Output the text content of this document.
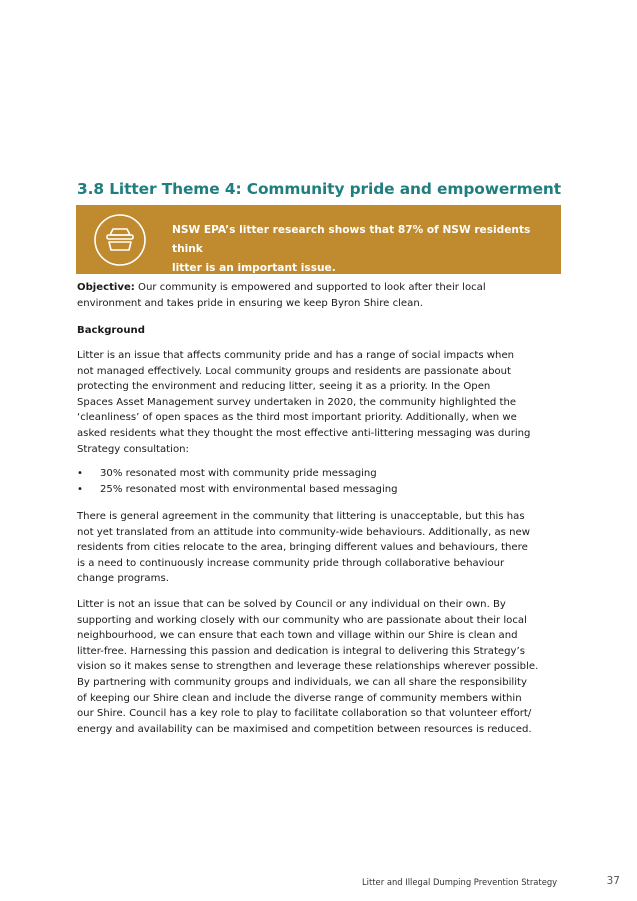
3.8 Litter Theme 4: Community pride and empowerment
NSW EPA’s litter research shows that 87% of NSW residents think
litter is an important issue.
Objective: Our community is empowered and supported to look after their local
environment and takes pride in ensuring we keep Byron Shire clean.
Background
Litter is an issue that affects community pride and has a range of social impacts when
not managed effectively. Local community groups and residents are passionate about
protecting the environment and reducing litter, seeing it as a priority. In the Open
Spaces Asset Management survey undertaken in 2020, the community highlighted the
‘cleanliness’ of open spaces as the third most important priority. Additionally, when we
asked residents what they thought the most effective anti-littering messaging was during
Strategy consultation:
• 30% resonated most with community pride messaging
• 25% resonated most with environmental based messaging
There is general agreement in the community that littering is unacceptable, but this has
not yet translated from an attitude into community-wide behaviours. Additionally, as new
residents from cities relocate to the area, bringing different values and behaviours, there
is a need to continuously increase community pride through collaborative behaviour
change programs.
Litter is not an issue that can be solved by Council or any individual on their own. By
supporting and working closely with our community who are passionate about their local
neighbourhood, we can ensure that each town and village within our Shire is clean and
litter-free. Harnessing this passion and dedication is integral to delivering this Strategy’s
vision so it makes sense to strengthen and leverage these relationships wherever possible.
By partnering with community groups and individuals, we can all share the responsibility
of keeping our Shire clean and include the diverse range of community members within
our Shire. Council has a key role to play to facilitate collaboration so that volunteer effort/
energy and availability can be maximised and competition between resources is reduced.
Litter and Illegal Dumping Prevention Strategy	37
